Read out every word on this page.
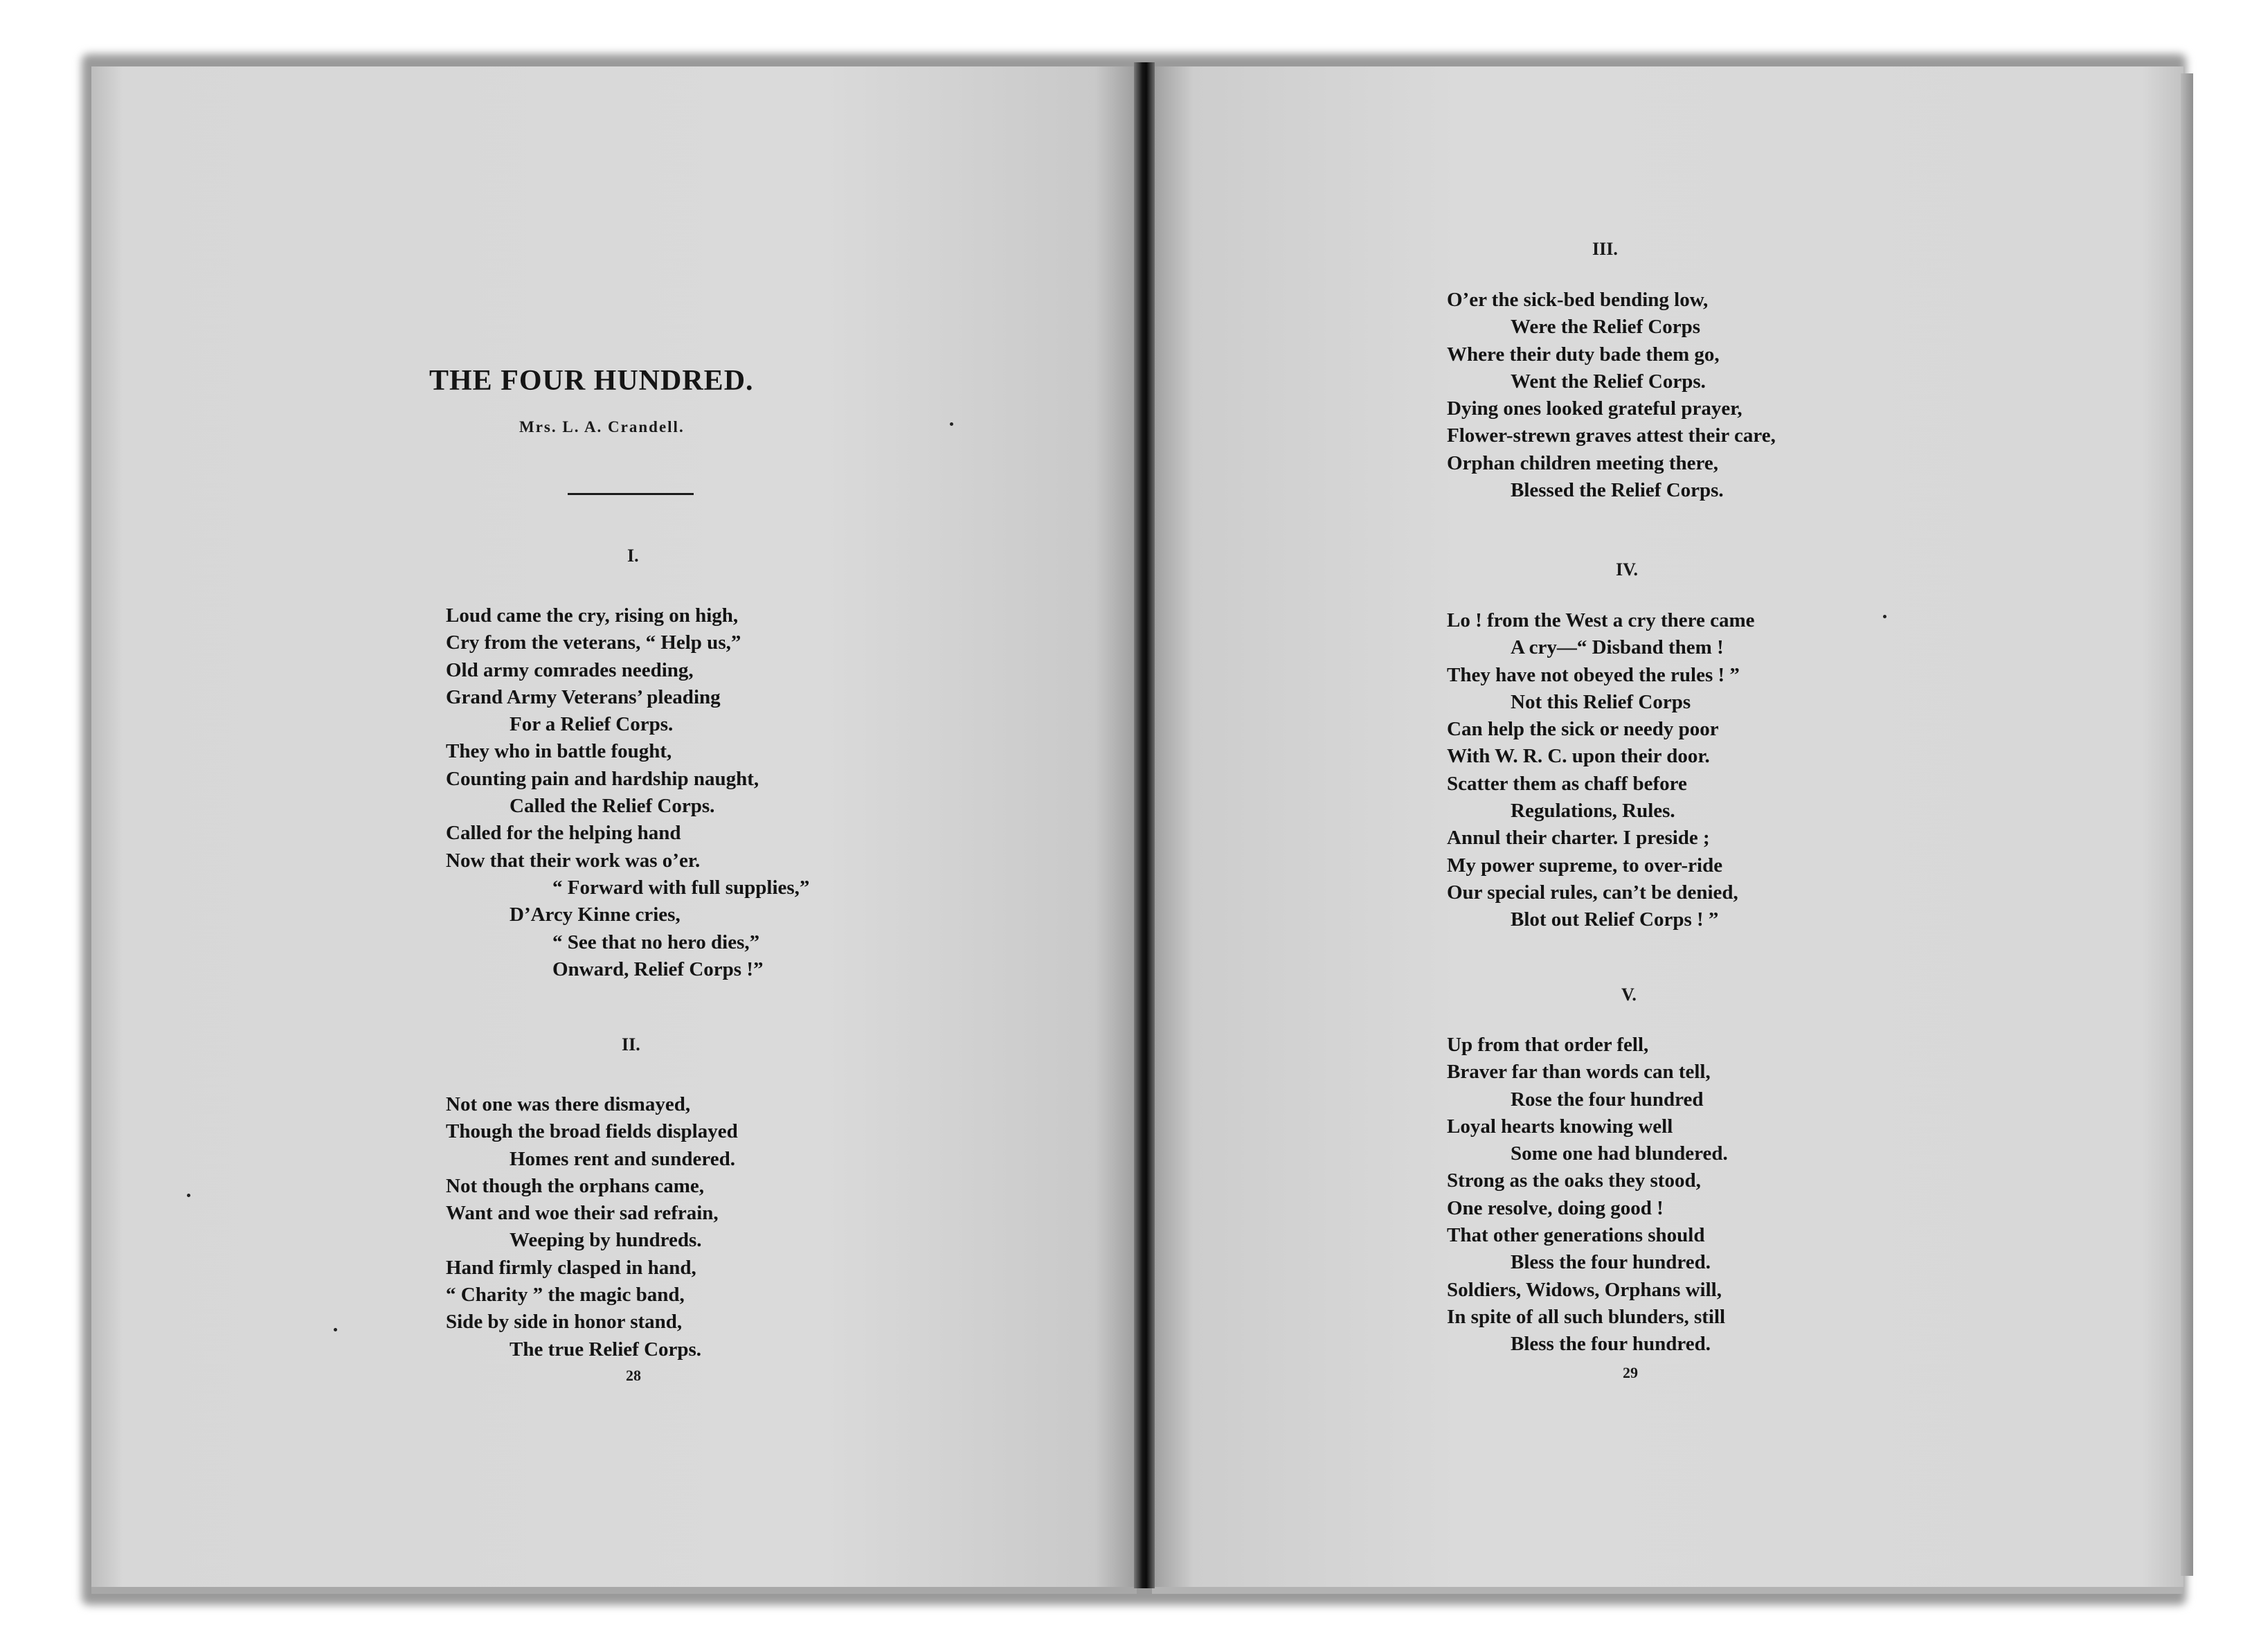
THE FOUR HUNDRED.

Mrs. L. A. Crandell.

I.

Loud came the cry, rising on high,
Cry from the veterans, “ Help us,”
Old army comrades needing,
Grand Army Veterans’ pleading
For a Relief Corps.
They who in battle fought,
Counting pain and hardship naught,
Called the Relief Corps.
Called for the helping hand
Now that their work was o’er.
“ Forward with full supplies,”
D’Arcy Kinne cries,
“ See that no hero dies,”
Onward, Relief Corps !”

II.

Not one was there dismayed,
Though the broad fields displayed
Homes rent and sundered.
Not though the orphans came,
Want and woe their sad refrain,
Weeping by hundreds.
Hand firmly clasped in hand,
“ Charity ” the magic band,
Side by side in honor stand,
The true Relief Corps.

28

III.

O’er the sick-bed bending low,
Were the Relief Corps
Where their duty bade them go,
Went the Relief Corps.
Dying ones looked grateful prayer,
Flower-strewn graves attest their care,
Orphan children meeting there,
Blessed the Relief Corps.

IV.

Lo ! from the West a cry there came
A cry—“ Disband them !
They have not obeyed the rules ! ”
Not this Relief Corps
Can help the sick or needy poor
With W. R. C. upon their door.
Scatter them as chaff before
Regulations, Rules.
Annul their charter. I preside ;
My power supreme, to over-ride
Our special rules, can’t be denied,
Blot out Relief Corps ! ”

V.

Up from that order fell,
Braver far than words can tell,
Rose the four hundred
Loyal hearts knowing well
Some one had blundered.
Strong as the oaks they stood,
One resolve, doing good !
That other generations should
Bless the four hundred.
Soldiers, Widows, Orphans will,
In spite of all such blunders, still
Bless the four hundred.

29
